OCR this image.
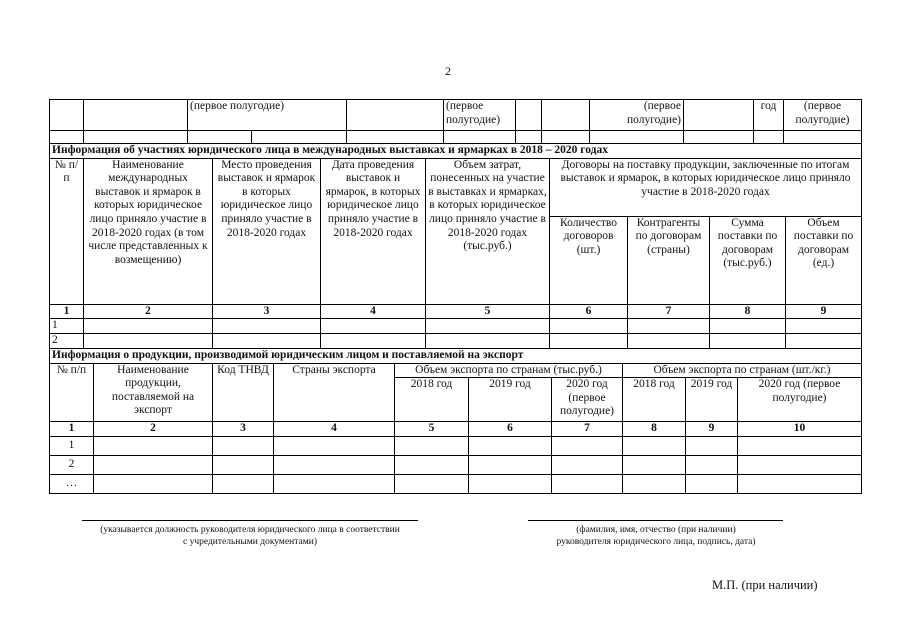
2
		(первое полугодие)			(первое полугодие)			(первое полугодие)		год	(первое полугодие)

Информация об участиях юридического лица в международных выставках и ярмарках в 2018 – 2020 годах								
№ п/п	Наименование международных выставок и ярмарок в которых юридическое лицо приняло участие в 2018-2020 годах (в том числе представленных к возмещению)	Место проведения выставок и ярмарок в которых юридическое лицо приняло участие в 2018-2020 годах	Дата проведения выставок и ярмарок, в которых юридическое лицо приняло участие в 2018-2020 годах	Объем затрат, понесенных на участие в выставках и ярмарках, в которых юридическое лицо приняло участие в 2018-2020 годах (тыс.руб.)	Договоры на поставку продукции, заключенные по итогам выставок и ярмарок, в которых юридическое лицо приняло участие в 2018-2020 годах			
					Количество договоров (шт.)	Контрагенты по договорам (страны)	Сумма поставки по договорам (тыс.руб.)	Объем поставки по договорам (ед.)
1	2	3	4	5	6	7	8	9
1								
2								
Информация о продукции, производимой юридическим лицом и поставляемой на экспорт									
№ п/п	Наименование продукции, поставляемой на экспорт	Код ТНВД	Страны экспорта	Объем экспорта по странам (тыс.руб.)			Объем экспорта по странам (шт./кг.)		
				2018 год	2019 год	2020 год (первое полугодие)	2018 год	2019 год	2020 год (первое полугодие)
1	2	3	4	5	6	7	8	9	10
1									
2									
…									
(указывается должность руководителя юридического лица в соответствии
с учредительными документами)
(фамилия, имя, отчество (при наличии)
руководителя юридического лица, подпись, дата)
М.П. (при наличии)
